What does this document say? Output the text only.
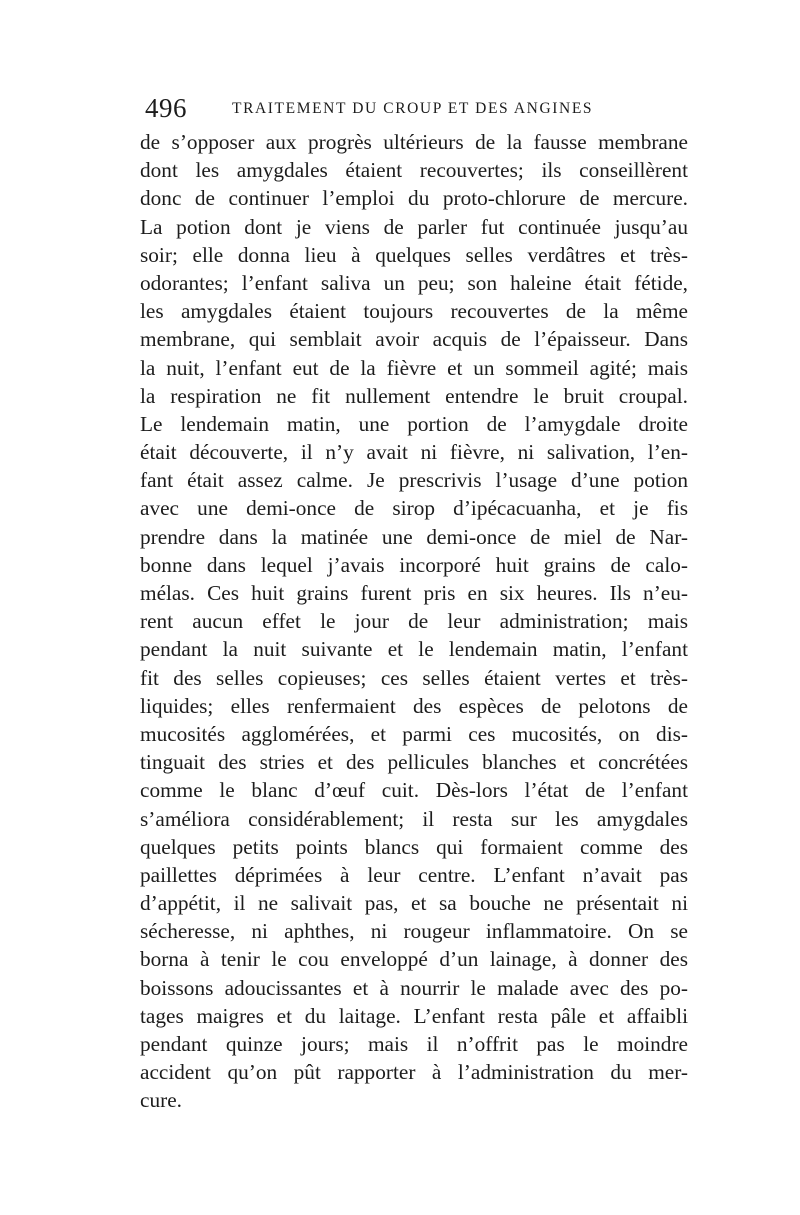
496	TRAITEMENT DU CROUP ET DES ANGINES
de s’opposer aux progrès ultérieurs de la fausse membrane
dont les amygdales étaient recouvertes; ils conseillèrent
donc de continuer l’emploi du proto-chlorure de mercure.
La potion dont je viens de parler fut continuée jusqu’au
soir; elle donna lieu à quelques selles verdâtres et très-
odorantes; l’enfant saliva un peu; son haleine était fétide,
les amygdales étaient toujours recouvertes de la même
membrane, qui semblait avoir acquis de l’épaisseur. Dans
la nuit, l’enfant eut de la fièvre et un sommeil agité; mais
la respiration ne fit nullement entendre le bruit croupal.
Le lendemain matin, une portion de l’amygdale droite
était découverte, il n’y avait ni fièvre, ni salivation, l’en-
fant était assez calme. Je prescrivis l’usage d’une potion
avec une demi-once de sirop d’ipécacuanha, et je fis
prendre dans la matinée une demi-once de miel de Nar-
bonne dans lequel j’avais incorporé huit grains de calo-
mélas. Ces huit grains furent pris en six heures. Ils n’eu-
rent aucun effet le jour de leur administration; mais
pendant la nuit suivante et le lendemain matin, l’enfant
fit des selles copieuses; ces selles étaient vertes et très-
liquides; elles renfermaient des espèces de pelotons de
mucosités agglomérées, et parmi ces mucosités, on dis-
tinguait des stries et des pellicules blanches et concrétées
comme le blanc d’œuf cuit. Dès-lors l’état de l’enfant
s’améliora considérablement; il resta sur les amygdales
quelques petits points blancs qui formaient comme des
paillettes déprimées à leur centre. L’enfant n’avait pas
d’appétit, il ne salivait pas, et sa bouche ne présentait ni
sécheresse, ni aphthes, ni rougeur inflammatoire. On se
borna à tenir le cou enveloppé d’un lainage, à donner des
boissons adoucissantes et à nourrir le malade avec des po-
tages maigres et du laitage. L’enfant resta pâle et affaibli
pendant quinze jours; mais il n’offrit pas le moindre
accident qu’on pût rapporter à l’administration du mer-
cure.
